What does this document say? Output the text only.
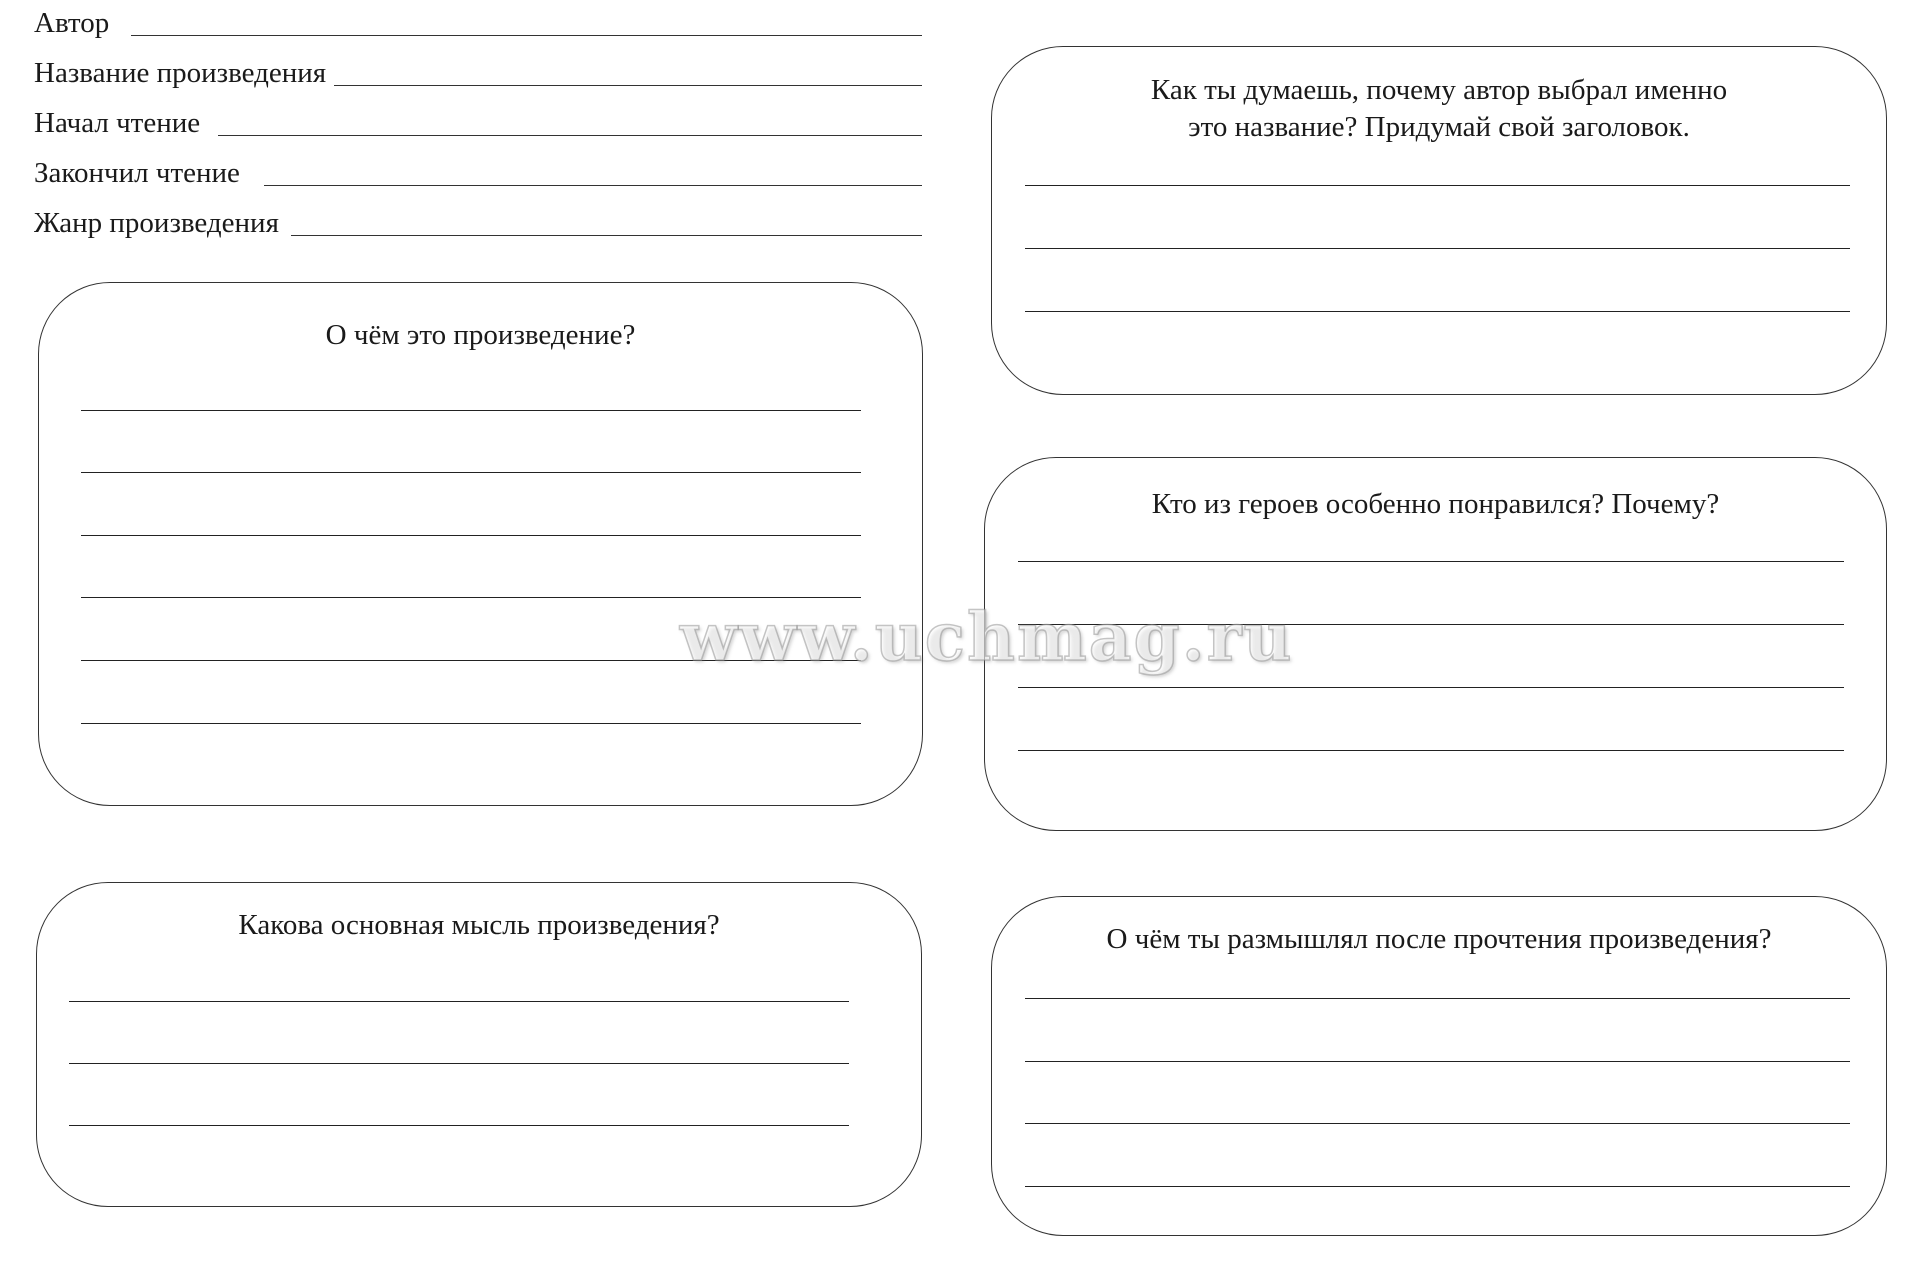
Автор
Название произведения
Начал чтение
Закончил чтение
Жанр произведения
О чём это произведение?
Какова основная мысль произведения?
Как ты думаешь, почему автор выбрал именно
это название? Придумай свой заголовок.
Кто из героев особенно понравился? Почему?
О чём ты размышлял после прочтения произведения?
www.uchmag.ru
